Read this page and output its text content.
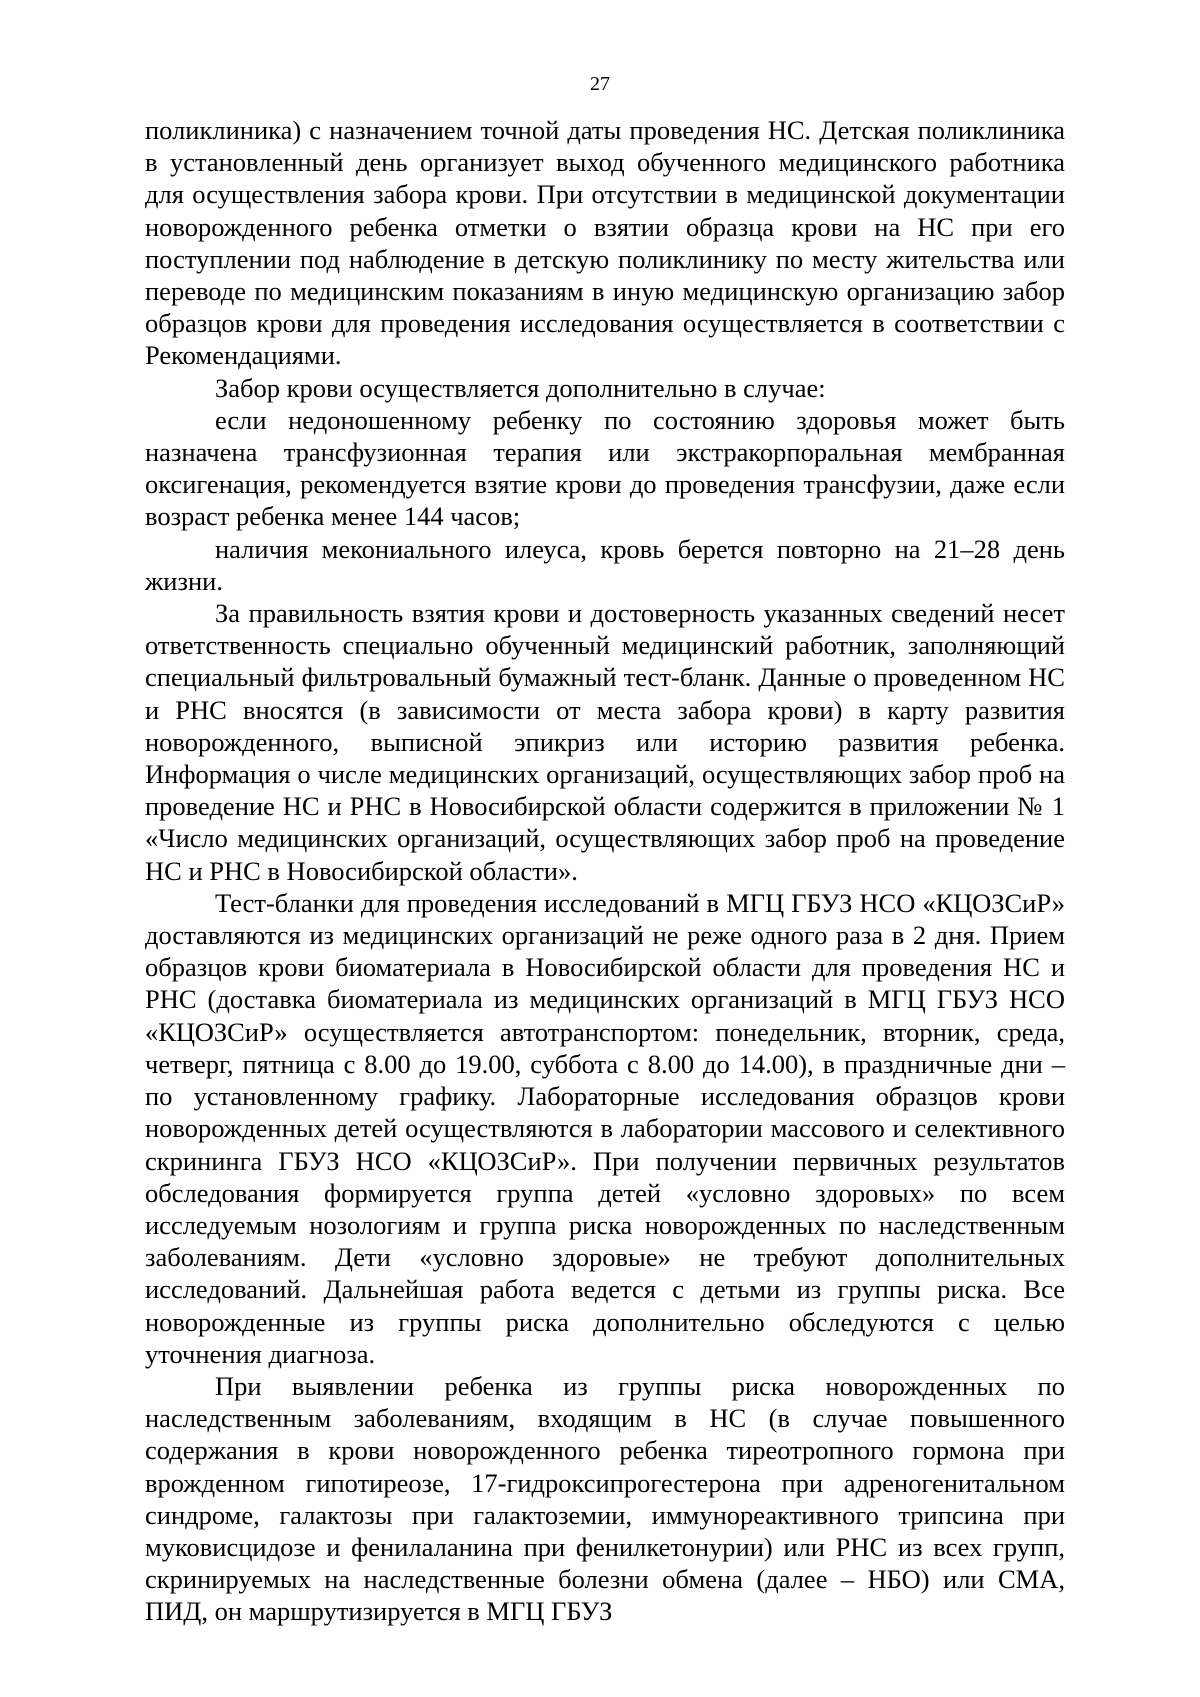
27

поликлиника) с назначением точной даты проведения НС. Детская поликлиника в установленный день организует выход обученного медицинского работника для осуществления забора крови. При отсутствии в медицинской документации новорожденного ребенка отметки о взятии образца крови на НС при его поступлении под наблюдение в детскую поликлинику по месту жительства или переводе по медицинским показаниям в иную медицинскую организацию забор образцов крови для проведения исследования осуществляется в соответствии с Рекомендациями.

Забор крови осуществляется дополнительно в случае:

если недоношенному ребенку по состоянию здоровья может быть назначена трансфузионная терапия или экстракорпоральная мембранная оксигенация, рекомендуется взятие крови до проведения трансфузии, даже если возраст ребенка менее 144 часов;

наличия мекониального илеуса, кровь берется повторно на 21–28 день жизни.

За правильность взятия крови и достоверность указанных сведений несет ответственность специально обученный медицинский работник, заполняющий специальный фильтровальный бумажный тест-бланк. Данные о проведенном НС и РНС вносятся (в зависимости от места забора крови) в карту развития новорожденного, выписной эпикриз или историю развития ребенка. Информация о числе медицинских организаций, осуществляющих забор проб на проведение НС и РНС в Новосибирской области содержится в приложении № 1 «Число медицинских организаций, осуществляющих забор проб на проведение НС и РНС в Новосибирской области».

Тест-бланки для проведения исследований в МГЦ ГБУЗ НСО «КЦОЗСиР» доставляются из медицинских организаций не реже одного раза в 2 дня. Прием образцов крови биоматериала в Новосибирской области для проведения НС и РНС (доставка биоматериала из медицинских организаций в МГЦ ГБУЗ НСО «КЦОЗСиР» осуществляется автотранспортом: понедельник, вторник, среда, четверг, пятница с 8.00 до 19.00, суббота с 8.00 до 14.00), в праздничные дни – по установленному графику. Лабораторные исследования образцов крови новорожденных детей осуществляются в лаборатории массового и селективного скрининга ГБУЗ НСО «КЦОЗСиР». При получении первичных результатов обследования формируется группа детей «условно здоровых» по всем исследуемым нозологиям и группа риска новорожденных по наследственным заболеваниям. Дети «условно здоровые» не требуют дополнительных исследований. Дальнейшая работа ведется с детьми из группы риска. Все новорожденные из группы риска дополнительно обследуются с целью уточнения диагноза.

При выявлении ребенка из группы риска новорожденных по наследственным заболеваниям, входящим в НС (в случае повышенного содержания в крови новорожденного ребенка тиреотропного гормона при врожденном гипотиреозе, 17-гидроксипрогестерона при адреногенитальном синдроме, галактозы при галактоземии, иммунореактивного трипсина при муковисцидозе и фенилаланина при фенилкетонурии) или РНС из всех групп, скринируемых на наследственные болезни обмена (далее – НБО) или СМА, ПИД, он маршрутизируется в МГЦ ГБУЗ
